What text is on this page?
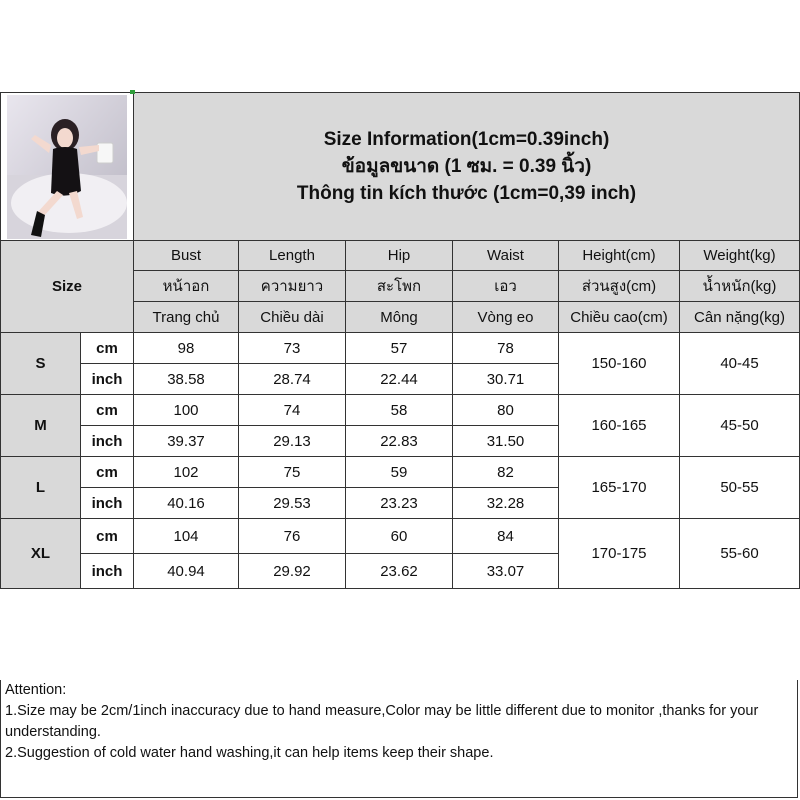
Size Information(1cm=0.39inch)
ข้อมูลขนาด (1 ซม. = 0.39 นิ้ว)
Thông tin kích thước (1cm=0,39 inch)					

Size		Bust	Length	Hip	Waist	Height(cm)	Weight(kg)
		หน้าอก	ความยาว	สะโพก	เอว	ส่วนสูง(cm)	น้ำหนัก(kg)
		Trang chủ	Chiều dài	Mông	Vòng eo	Chiều cao(cm)	Cân nặng(kg)
S	cm	98	73	57	78	150-160	40-45
	inch	38.58	28.74	22.44	30.71		
M	cm	100	74	58	80	160-165	45-50
	inch	39.37	29.13	22.83	31.50		
L	cm	102	75	59	82	165-170	50-55
	inch	40.16	29.53	23.23	32.28		
XL	cm	104	76	60	84	170-175	55-60
	inch	40.94	29.92	23.62	33.07		
Attention:
1.Size may be 2cm/1inch inaccuracy due to hand measure,Color may be little different due to monitor ,thanks for your understanding.
2.Suggestion of cold water hand washing,it can help items keep their shape.
